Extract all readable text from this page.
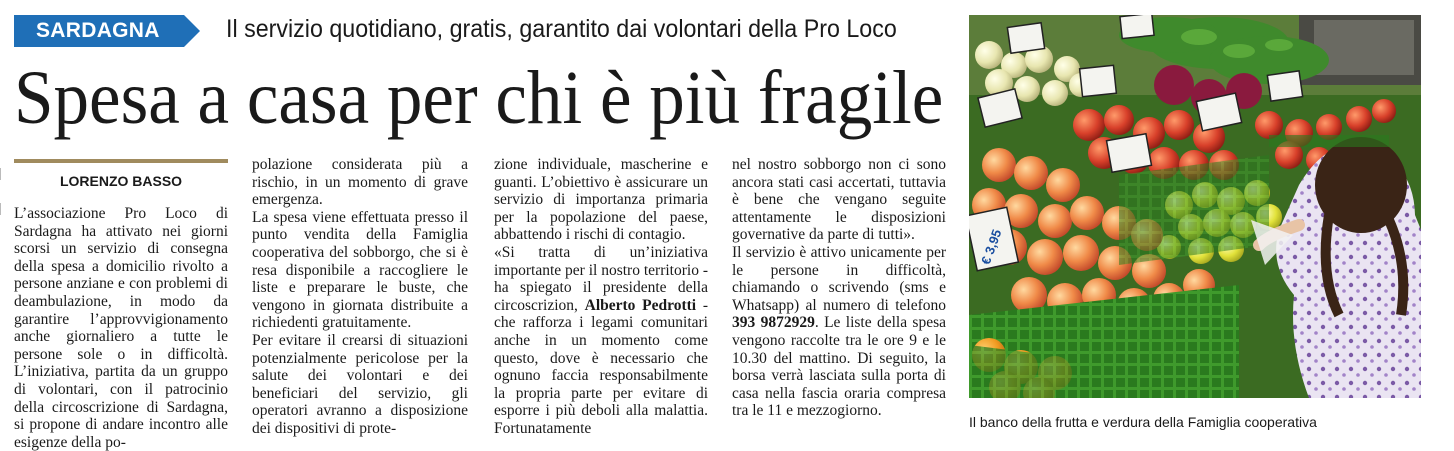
SARDAGNA	Il servizio quotidiano, gratis, garantito dai volontari della Pro Loco
Spesa a casa per chi è più fragile
LORENZO BASSO

L’associazione Pro Loco di Sardagna ha attivato nei giorni scorsi un servizio di consegna della spesa a domicilio rivolto a persone anziane e con problemi di deambulazione, in modo da garantire l’approvvigionamento anche giornaliero a tutte le persone sole o in difficoltà. L’iniziativa, partita da un gruppo di volontari, con il patrocinio della circoscrizione di Sardagna, si propone di andare incontro alle esigenze della po-

polazione considerata più a rischio, in un momento di grave emergenza.

La spesa viene effettuata presso il punto vendita della Famiglia cooperativa del sobborgo, che si è resa disponibile a raccogliere le liste e preparare le buste, che vengono in giornata distribuite a richiedenti gratuitamente.

Per evitare il crearsi di situazioni potenzialmente pericolose per la salute dei volontari e dei beneficiari del servizio, gli operatori avranno a disposizione dei dispositivi di prote-

zione individuale, mascherine e guanti. L’obiettivo è assicurare un servizio di importanza primaria per la popolazione del paese, abbattendo i rischi di contagio.

«Si tratta di un’iniziativa importante per il nostro territorio - ha spiegato il presidente della circoscrizion, Alberto Pedrotti - che rafforza i legami comunitari anche in un momento come questo, dove è necessario che ognuno faccia responsabilmente la propria parte per evitare di esporre i più deboli alla malattia. Fortunatamente

nel nostro sobborgo non ci sono ancora stati casi accertati, tuttavia è bene che vengano seguite attentamente le disposizioni governative da parte di tutti».

Il servizio è attivo unicamente per le persone in difficoltà, chiamando o scrivendo (sms e Whatsapp) al numero di telefono 393 9872929. Le liste della spesa vengono raccolte tra le ore 9 e le 10.30 del mattino. Di seguito, la borsa verrà lasciata sulla porta di casa nella fascia oraria compresa tra le 11 e mezzogiorno.

€ 3,95
Il banco della frutta e verdura della Famiglia cooperativa
